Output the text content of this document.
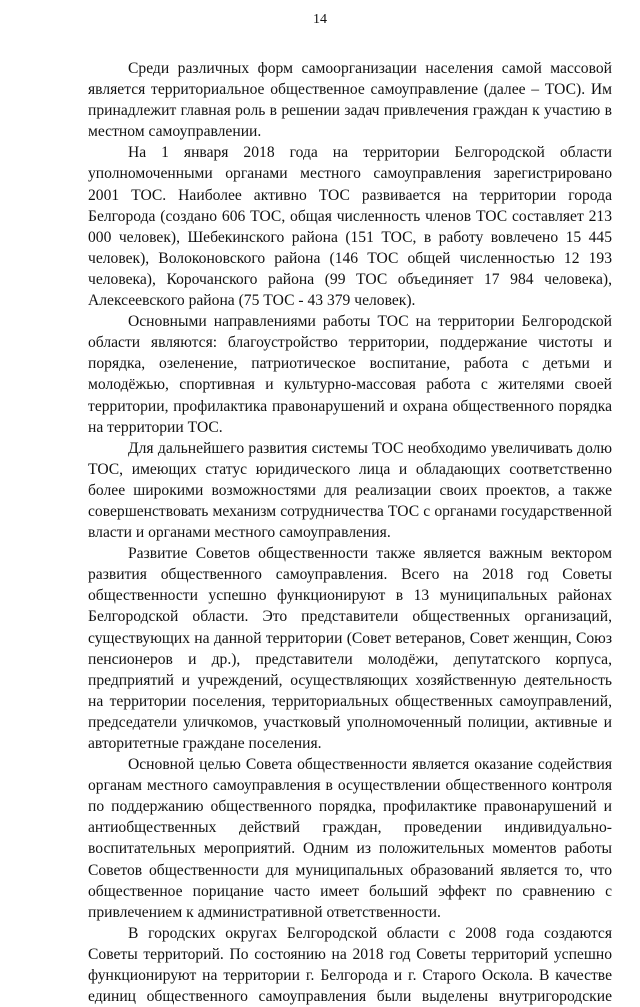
14

Среди различных форм самоорганизации населения самой массовой является территориальное общественное самоуправление (далее – ТОС). Им принадлежит главная роль в решении задач привлечения граждан к участию в местном самоуправлении.

На 1 января 2018 года на территории Белгородской области уполномоченными органами местного самоуправления зарегистрировано 2001 ТОС. Наиболее активно ТОС развивается на территории города Белгорода (создано 606 ТОС, общая численность членов ТОС составляет 213 000 человек), Шебекинского района (151 ТОС, в работу вовлечено 15 445 человек), Волоконовского района (146 ТОС общей численностью 12 193 человека), Корочанского района (99 ТОС объединяет 17 984 человека), Алексеевского района (75 ТОС - 43 379 человек).

Основными направлениями работы ТОС на территории Белгородской области являются: благоустройство территории, поддержание чистоты и порядка, озеленение, патриотическое воспитание, работа с детьми и молодёжью, спортивная и культурно-массовая работа с жителями своей территории, профилактика правонарушений и охрана общественного порядка на территории ТОС.

Для дальнейшего развития системы ТОС необходимо увеличивать долю ТОС, имеющих статус юридического лица и обладающих соответственно более широкими возможностями для реализации своих проектов, а также совершенствовать механизм сотрудничества ТОС с органами государственной власти и органами местного самоуправления.

Развитие Советов общественности также является важным вектором развития общественного самоуправления. Всего на 2018 год Советы общественности успешно функционируют в 13 муниципальных районах Белгородской области. Это представители общественных организаций, существующих на данной территории (Совет ветеранов, Совет женщин, Союз пенсионеров и др.), представители молодёжи, депутатского корпуса, предприятий и учреждений, осуществляющих хозяйственную деятельность на территории поселения, территориальных общественных самоуправлений, председатели уличкомов, участковый уполномоченный полиции, активные и авторитетные граждане поселения.

Основной целью Совета общественности является оказание содействия органам местного самоуправления в осуществлении общественного контроля по поддержанию общественного порядка, профилактике правонарушений и антиобщественных действий граждан, проведении индивидуально-воспитательных мероприятий. Одним из положительных моментов работы Советов общественности для муниципальных образований является то, что общественное порицание часто имеет больший эффект по сравнению с привлечением к административной ответственности.

В городских округах Белгородской области с 2008 года создаются Советы территорий. По состоянию на 2018 год Советы территорий успешно функционируют на территории г. Белгорода и г. Старого Оскола. В качестве единиц общественного самоуправления были выделены внутригородские
